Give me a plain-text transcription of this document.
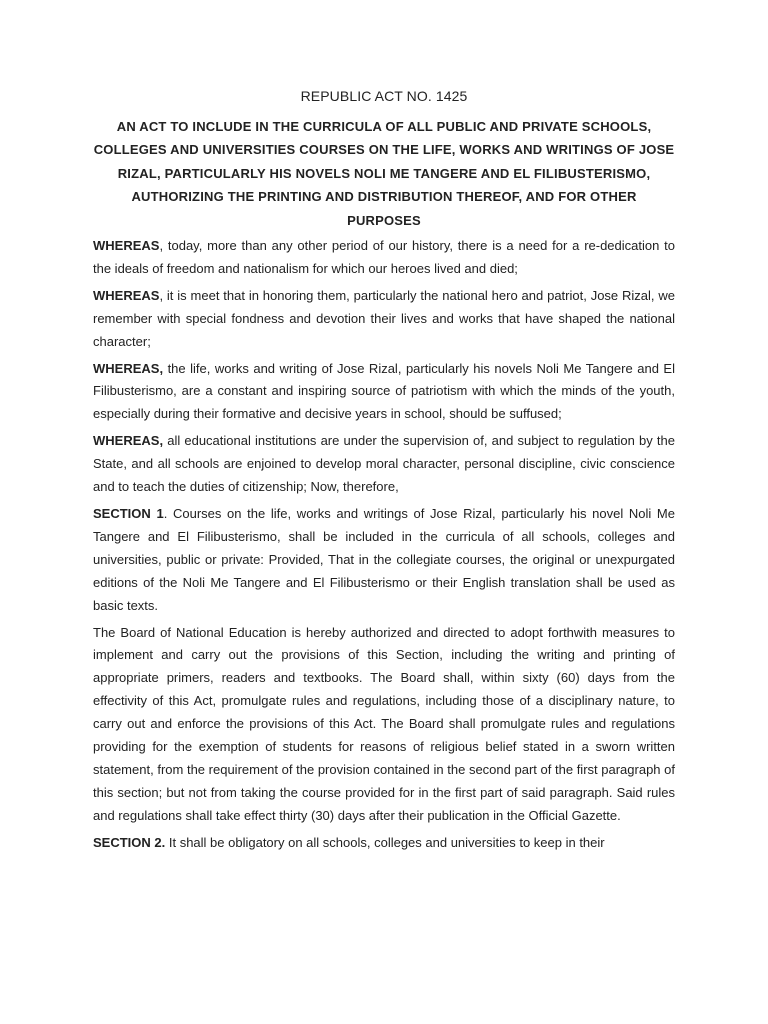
REPUBLIC ACT NO. 1425
AN ACT TO INCLUDE IN THE CURRICULA OF ALL PUBLIC AND PRIVATE SCHOOLS, COLLEGES AND UNIVERSITIES COURSES ON THE LIFE, WORKS AND WRITINGS OF JOSE RIZAL, PARTICULARLY HIS NOVELS NOLI ME TANGERE AND EL FILIBUSTERISMO, AUTHORIZING THE PRINTING AND DISTRIBUTION THEREOF, AND FOR OTHER PURPOSES
WHEREAS, today, more than any other period of our history, there is a need for a re-dedication to the ideals of freedom and nationalism for which our heroes lived and died;
WHEREAS, it is meet that in honoring them, particularly the national hero and patriot, Jose Rizal, we remember with special fondness and devotion their lives and works that have shaped the national character;
WHEREAS, the life, works and writing of Jose Rizal, particularly his novels Noli Me Tangere and El Filibusterismo, are a constant and inspiring source of patriotism with which the minds of the youth, especially during their formative and decisive years in school, should be suffused;
WHEREAS, all educational institutions are under the supervision of, and subject to regulation by the State, and all schools are enjoined to develop moral character, personal discipline, civic conscience and to teach the duties of citizenship; Now, therefore,
SECTION 1. Courses on the life, works and writings of Jose Rizal, particularly his novel Noli Me Tangere and El Filibusterismo, shall be included in the curricula of all schools, colleges and universities, public or private: Provided, That in the collegiate courses, the original or unexpurgated editions of the Noli Me Tangere and El Filibusterismo or their English translation shall be used as basic texts.
The Board of National Education is hereby authorized and directed to adopt forthwith measures to implement and carry out the provisions of this Section, including the writing and printing of appropriate primers, readers and textbooks. The Board shall, within sixty (60) days from the effectivity of this Act, promulgate rules and regulations, including those of a disciplinary nature, to carry out and enforce the provisions of this Act. The Board shall promulgate rules and regulations providing for the exemption of students for reasons of religious belief stated in a sworn written statement, from the requirement of the provision contained in the second part of the first paragraph of this section; but not from taking the course provided for in the first part of said paragraph. Said rules and regulations shall take effect thirty (30) days after their publication in the Official Gazette.
SECTION 2. It shall be obligatory on all schools, colleges and universities to keep in their
